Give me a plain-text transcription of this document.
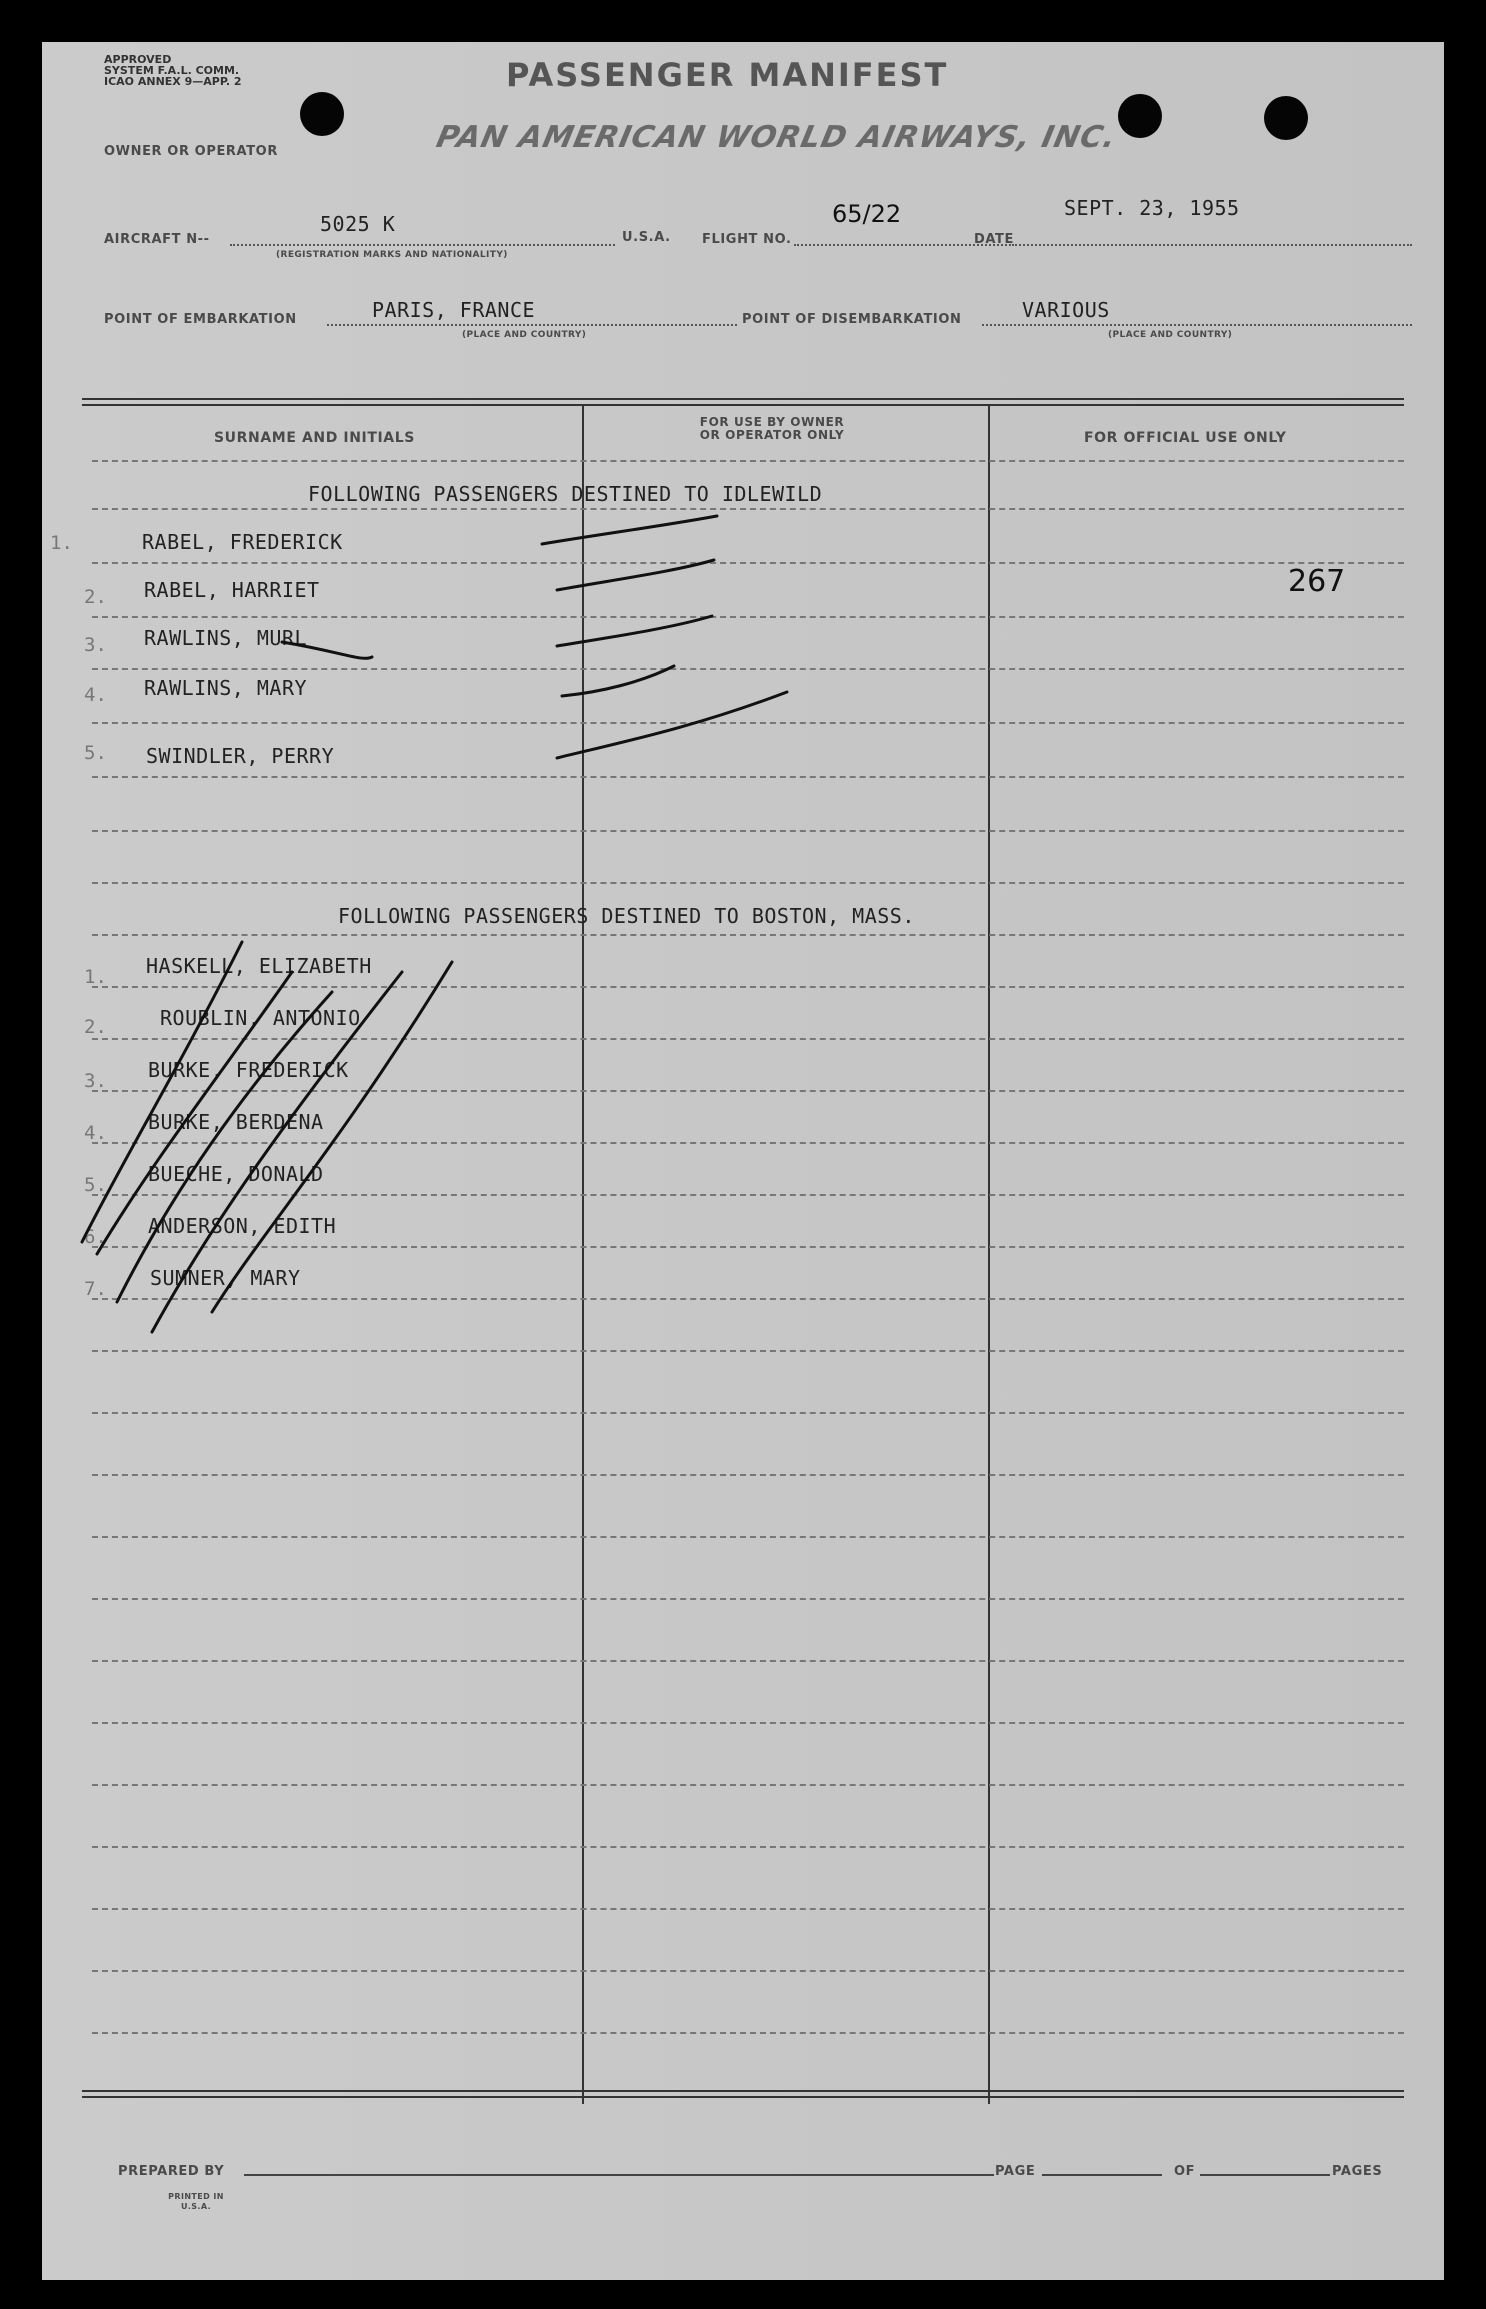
APPROVED
SYSTEM F.A.L. COMM.
ICAO ANNEX 9—APP. 2	PASSENGER MANIFEST
OWNER OR OPERATOR	PAN AMERICAN WORLD AIRWAYS, INC.
AIRCRAFT N--
5025 K
(REGISTRATION MARKS AND NATIONALITY)
U.S.A. FLIGHT NO.
65/22
DATE
SEPT. 23, 1955
POINT OF EMBARKATION	PARIS, FRANCE
(PLACE AND COUNTRY)
POINT OF DISEMBARKATION	VARIOUS
(PLACE AND COUNTRY)
SURNAME AND INITIALS
FOR USE BY OWNER
OR OPERATOR ONLY	FOR OFFICIAL USE ONLY
FOLLOWING PASSENGERS DESTINED TO IDLEWILD
1.	RABEL, FREDERICK
2. RABEL, HARRIET
3. RAWLINS, MURL
4. RAWLINS, MARY
5. SWINDLER, PERRY
267
FOLLOWING PASSENGERS DESTINED TO BOSTON, MASS.
1. HASKELL, ELIZABETH
2.	ROUBLIN, ANTONIO
3. BURKE, FREDERICK
4. BURKE, BERDENA
5. BUECHE, DONALD
6. ANDERSON, EDITH
7. SUMNER, MARY
PREPARED BY	PAGE	OF	PAGES
PRINTED IN U.S.A.
